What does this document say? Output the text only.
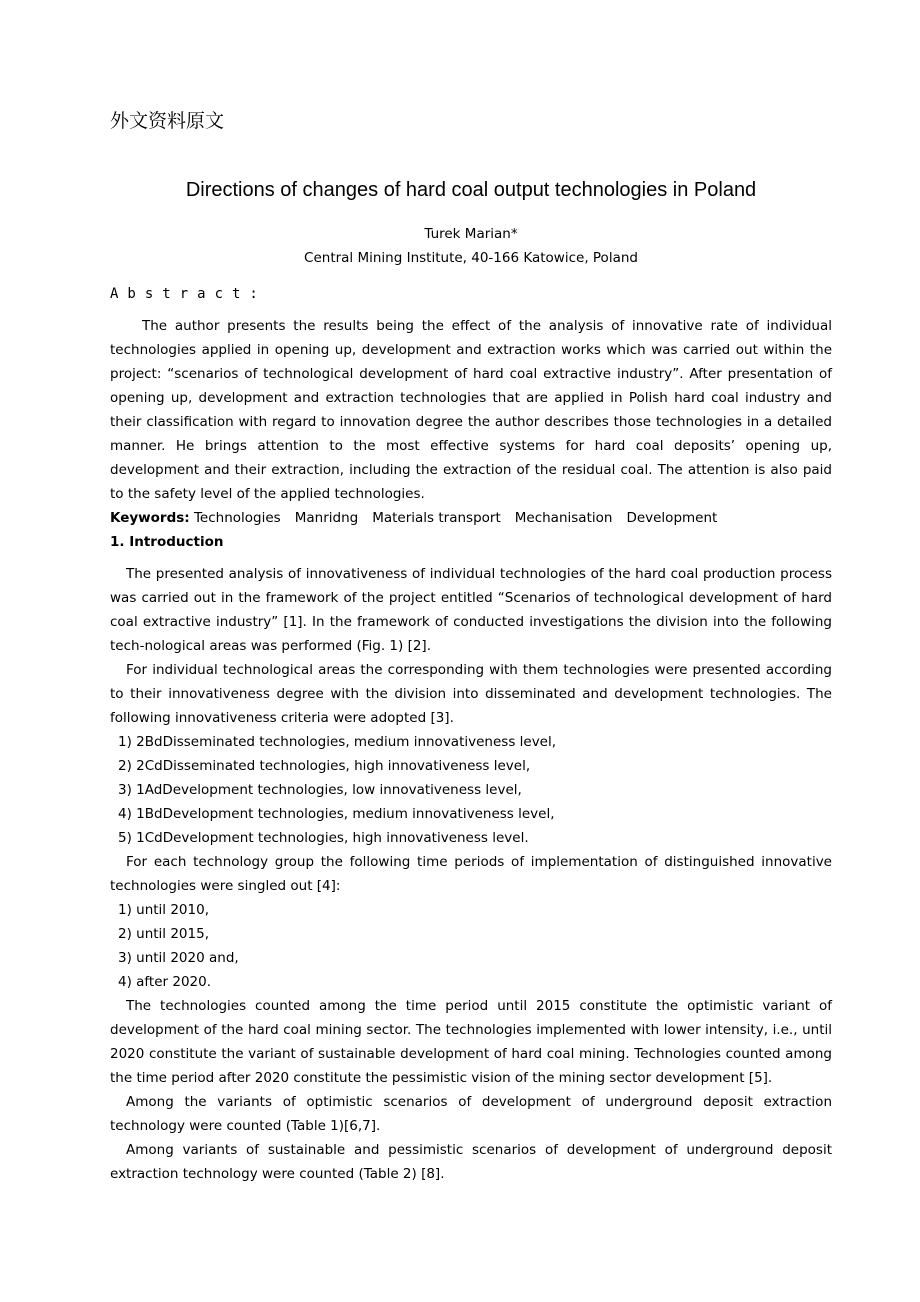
外文资料原文
Directions of changes of hard coal output technologies in Poland
Turek Marian*
Central Mining Institute, 40-166 Katowice, Poland
Abstract:

The author presents the results being the effect of the analysis of innovative rate of individual technologies applied in opening up, development and extraction works which was carried out within the project: “scenarios of technological development of hard coal extractive industry”. After presentation of opening up, development and extraction technologies that are applied in Polish hard coal industry and their classification with regard to innovation degree the author describes those technologies in a detailed manner. He brings attention to the most effective systems for hard coal deposits’ opening up, development and their extraction, including the extraction of the residual coal. The attention is also paid to the safety level of the applied technologies.

Keywords: Technologies Manridng Materials transport Mechanisation Development

1. Introduction

The presented analysis of innovativeness of individual technologies of the hard coal production process was carried out in the framework of the project entitled “Scenarios of technological development of hard coal extractive industry” [1]. In the framework of conducted investigations the division into the following tech-nological areas was performed (Fig. 1) [2].

For individual technological areas the corresponding with them technologies were presented according to their innovativeness degree with the division into disseminated and development technologies. The following innovativeness criteria were adopted [3].

1) 2BdDisseminated technologies, medium innovativeness level,

2) 2CdDisseminated technologies, high innovativeness level,

3) 1AdDevelopment technologies, low innovativeness level,

4) 1BdDevelopment technologies, medium innovativeness level,

5) 1CdDevelopment technologies, high innovativeness level.

For each technology group the following time periods of implementation of distinguished innovative technologies were singled out [4]:

1) until 2010,

2) until 2015,

3) until 2020 and,

4) after 2020.

The technologies counted among the time period until 2015 constitute the optimistic variant of development of the hard coal mining sector. The technologies implemented with lower intensity, i.e., until 2020 constitute the variant of sustainable development of hard coal mining. Technologies counted among the time period after 2020 constitute the pessimistic vision of the mining sector development [5].

Among the variants of optimistic scenarios of development of underground deposit extraction technology were counted (Table 1)[6,7].

Among variants of sustainable and pessimistic scenarios of development of underground deposit extraction technology were counted (Table 2) [8].
